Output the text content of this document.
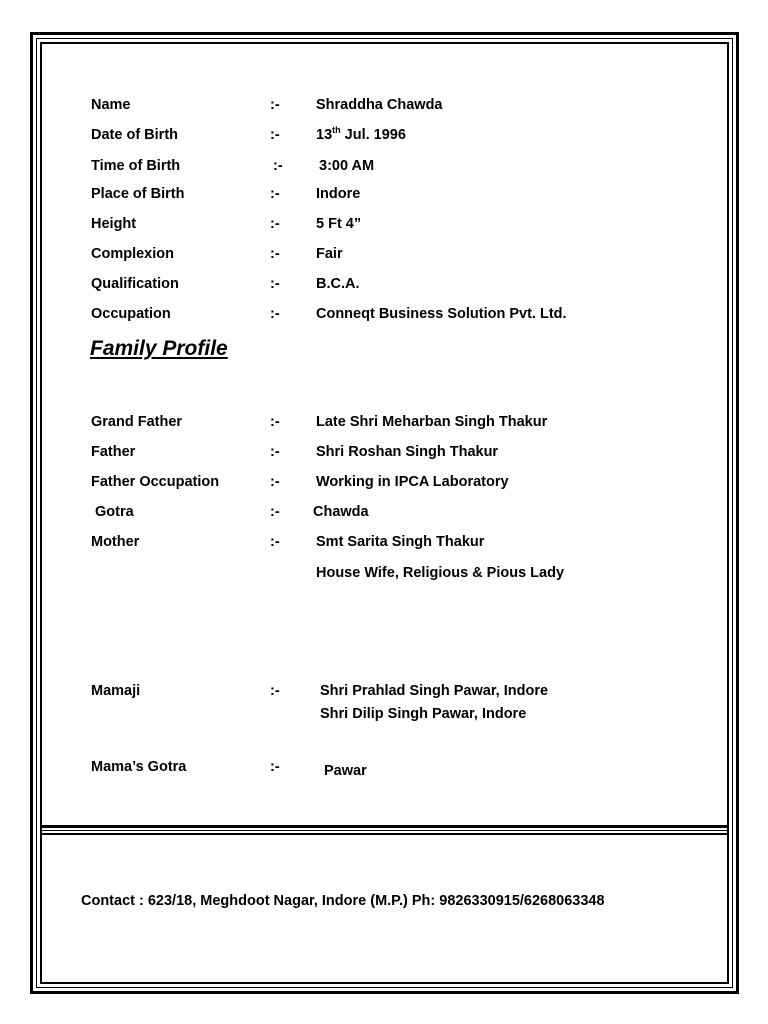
Name	:-	Shraddha Chawda
Date of Birth	:-	13th Jul. 1996
Time of Birth	:-	3:00 AM
Place of Birth	:-	Indore
Height	:-	5 Ft 4”
Complexion	:-	Fair
Qualification	:-	B.C.A.
Occupation	:-	Conneqt Business Solution Pvt. Ltd.
Family Profile
Grand Father	:-	Late Shri Meharban Singh Thakur
Father	:-	Shri Roshan Singh Thakur
Father Occupation	:-	Working in IPCA Laboratory
Gotra	:- Chawda
Mother	:-	Smt Sarita Singh Thakur
House Wife, Religious & Pious Lady
Mamaji	:-	Shri Prahlad Singh Pawar, Indore
Shri Dilip Singh Pawar, Indore
Mama’s Gotra	:-	Pawar
Contact : 623/18, Meghdoot Nagar, Indore (M.P.) Ph: 9826330915/6268063348
